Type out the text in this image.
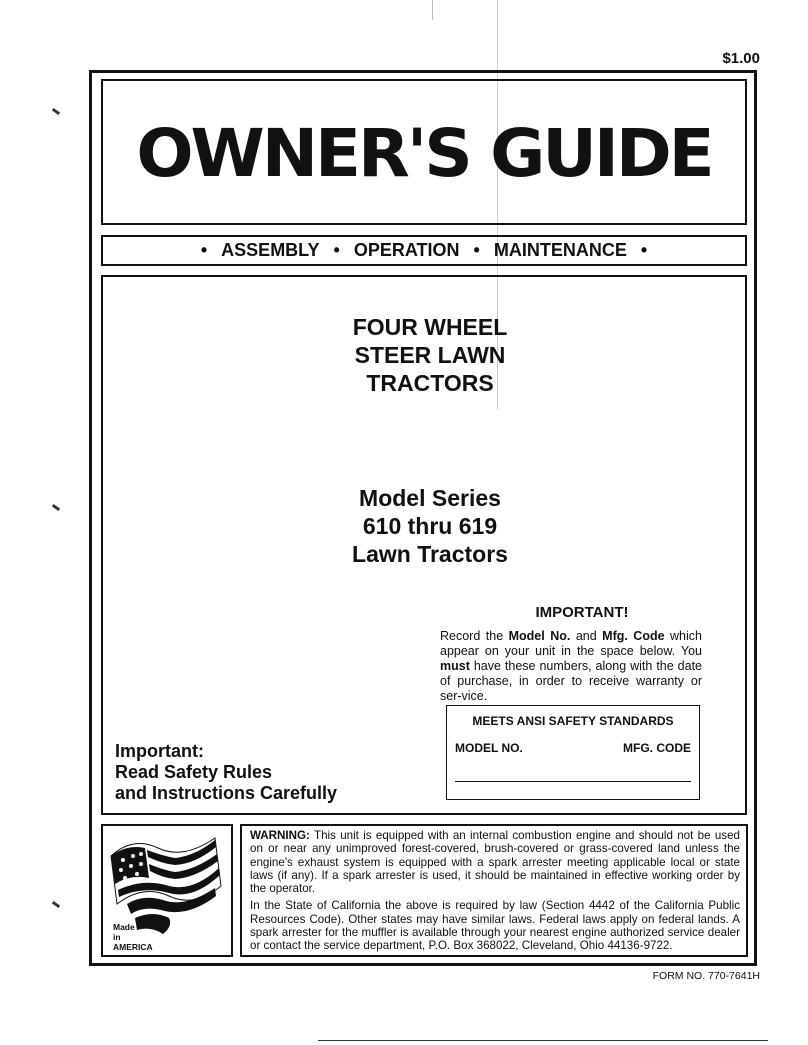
$1.00
OWNER'S GUIDE
• ASSEMBLY • OPERATION • MAINTENANCE •
FOUR WHEEL
STEER LAWN
TRACTORS
Model Series
610 thru 619
Lawn Tractors
IMPORTANT!

Record the Model No. and Mfg. Code which appear on your unit in the space below. You must have these numbers, along with the date of purchase, in order to receive warranty or ser-vice.

MEETS ANSI SAFETY STANDARDS
MODEL NO.	MFG. CODE
Important:
Read Safety Rules
and Instructions Carefully
Made
in
AMERICA

WARNING: This unit is equipped with an internal combustion engine and should not be used on or near any unimproved forest-covered, brush-covered or grass-covered land unless the engine's exhaust system is equipped with a spark arrester meeting applicable local or state laws (if any). If a spark arrester is used, it should be maintained in effective working order by the operator.

In the State of California the above is required by law (Section 4442 of the California Public Resources Code). Other states may have similar laws. Federal laws apply on federal lands. A spark arrester for the muffler is available through your nearest engine authorized service dealer or contact the service department, P.O. Box 368022, Cleveland, Ohio 44136-9722.

FORM NO. 770-7641H
